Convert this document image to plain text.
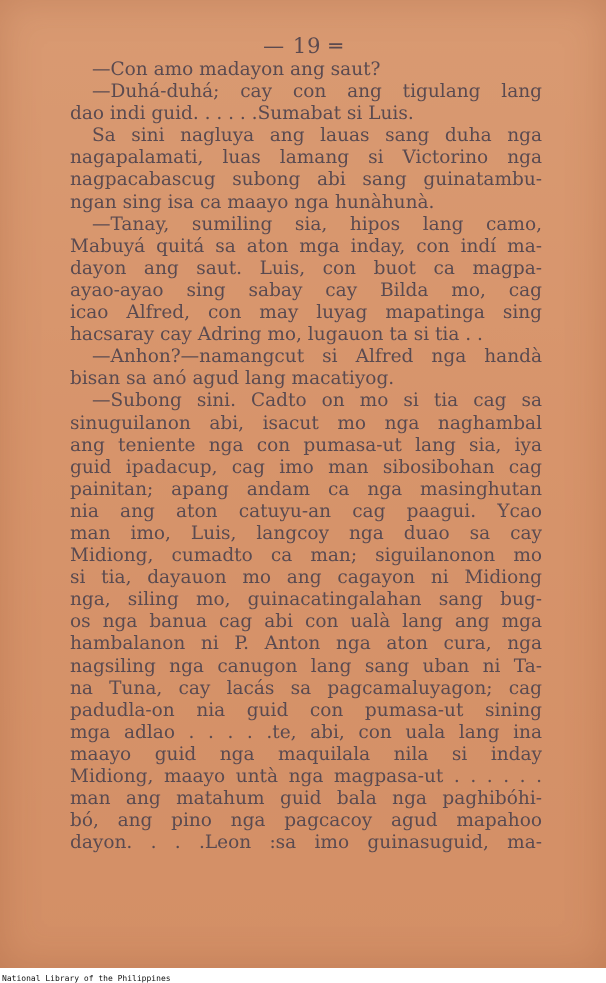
— 19 ═
—Con amo madayon ang saut?
—Duhá-duhá; cay con ang tigulang lang
dao indi guid. . . . . .Sumabat si Luis.
Sa sini nagluya ang lauas sang duha nga
nagapalamati, luas lamang si Victorino nga
nagpacabascug subong abi sang guinatambu-
ngan sing isa ca maayo nga hunàhunà.
—Tanay, sumiling sia, hipos lang camo,
Mabuyá quitá sa aton mga inday, con indí ma-
dayon ang saut. Luis, con buot ca magpa-
ayao-ayao sing sabay cay Bilda mo, cag
icao Alfred, con may luyag mapatinga sing
hacsaray cay Adring mo, lugauon ta si tia . .
—Anhon?—namangcut si Alfred nga handà
bisan sa anó agud lang macatiyog.
—Subong sini. Cadto on mo si tia cag sa
sinuguilanon abi, isacut mo nga naghambal
ang teniente nga con pumasa-ut lang sia, iya
guid ipadacup, cag imo man sibosibohan cag
painitan; apang andam ca nga masinghutan
nia ang aton catuyu-an cag paagui. Ycao
man imo, Luis, langcoy nga duao sa cay
Midiong, cumadto ca man; siguilanonon mo
si tia, dayauon mo ang cagayon ni Midiong
nga, siling mo, guinacatingalahan sang bug-
os nga banua cag abi con ualà lang ang mga
hambalanon ni P. Anton nga aton cura, nga
nagsiling nga canugon lang sang uban ni Ta-
na Tuna, cay lacás sa pagcamaluyagon; cag
padudla-on nia guid con pumasa-ut sining
mga adlao . . . . .te, abi, con uala lang ina
maayo guid nga maquilala nila si inday
Midiong, maayo untà nga magpasa-ut . . . . . .
man ang matahum guid bala nga paghibóhi-
bó, ang pino nga pagcacoy agud mapahoo
dayon. . . .Leon :sa imo guinasuguid, ma-
National Library of the Philippines
